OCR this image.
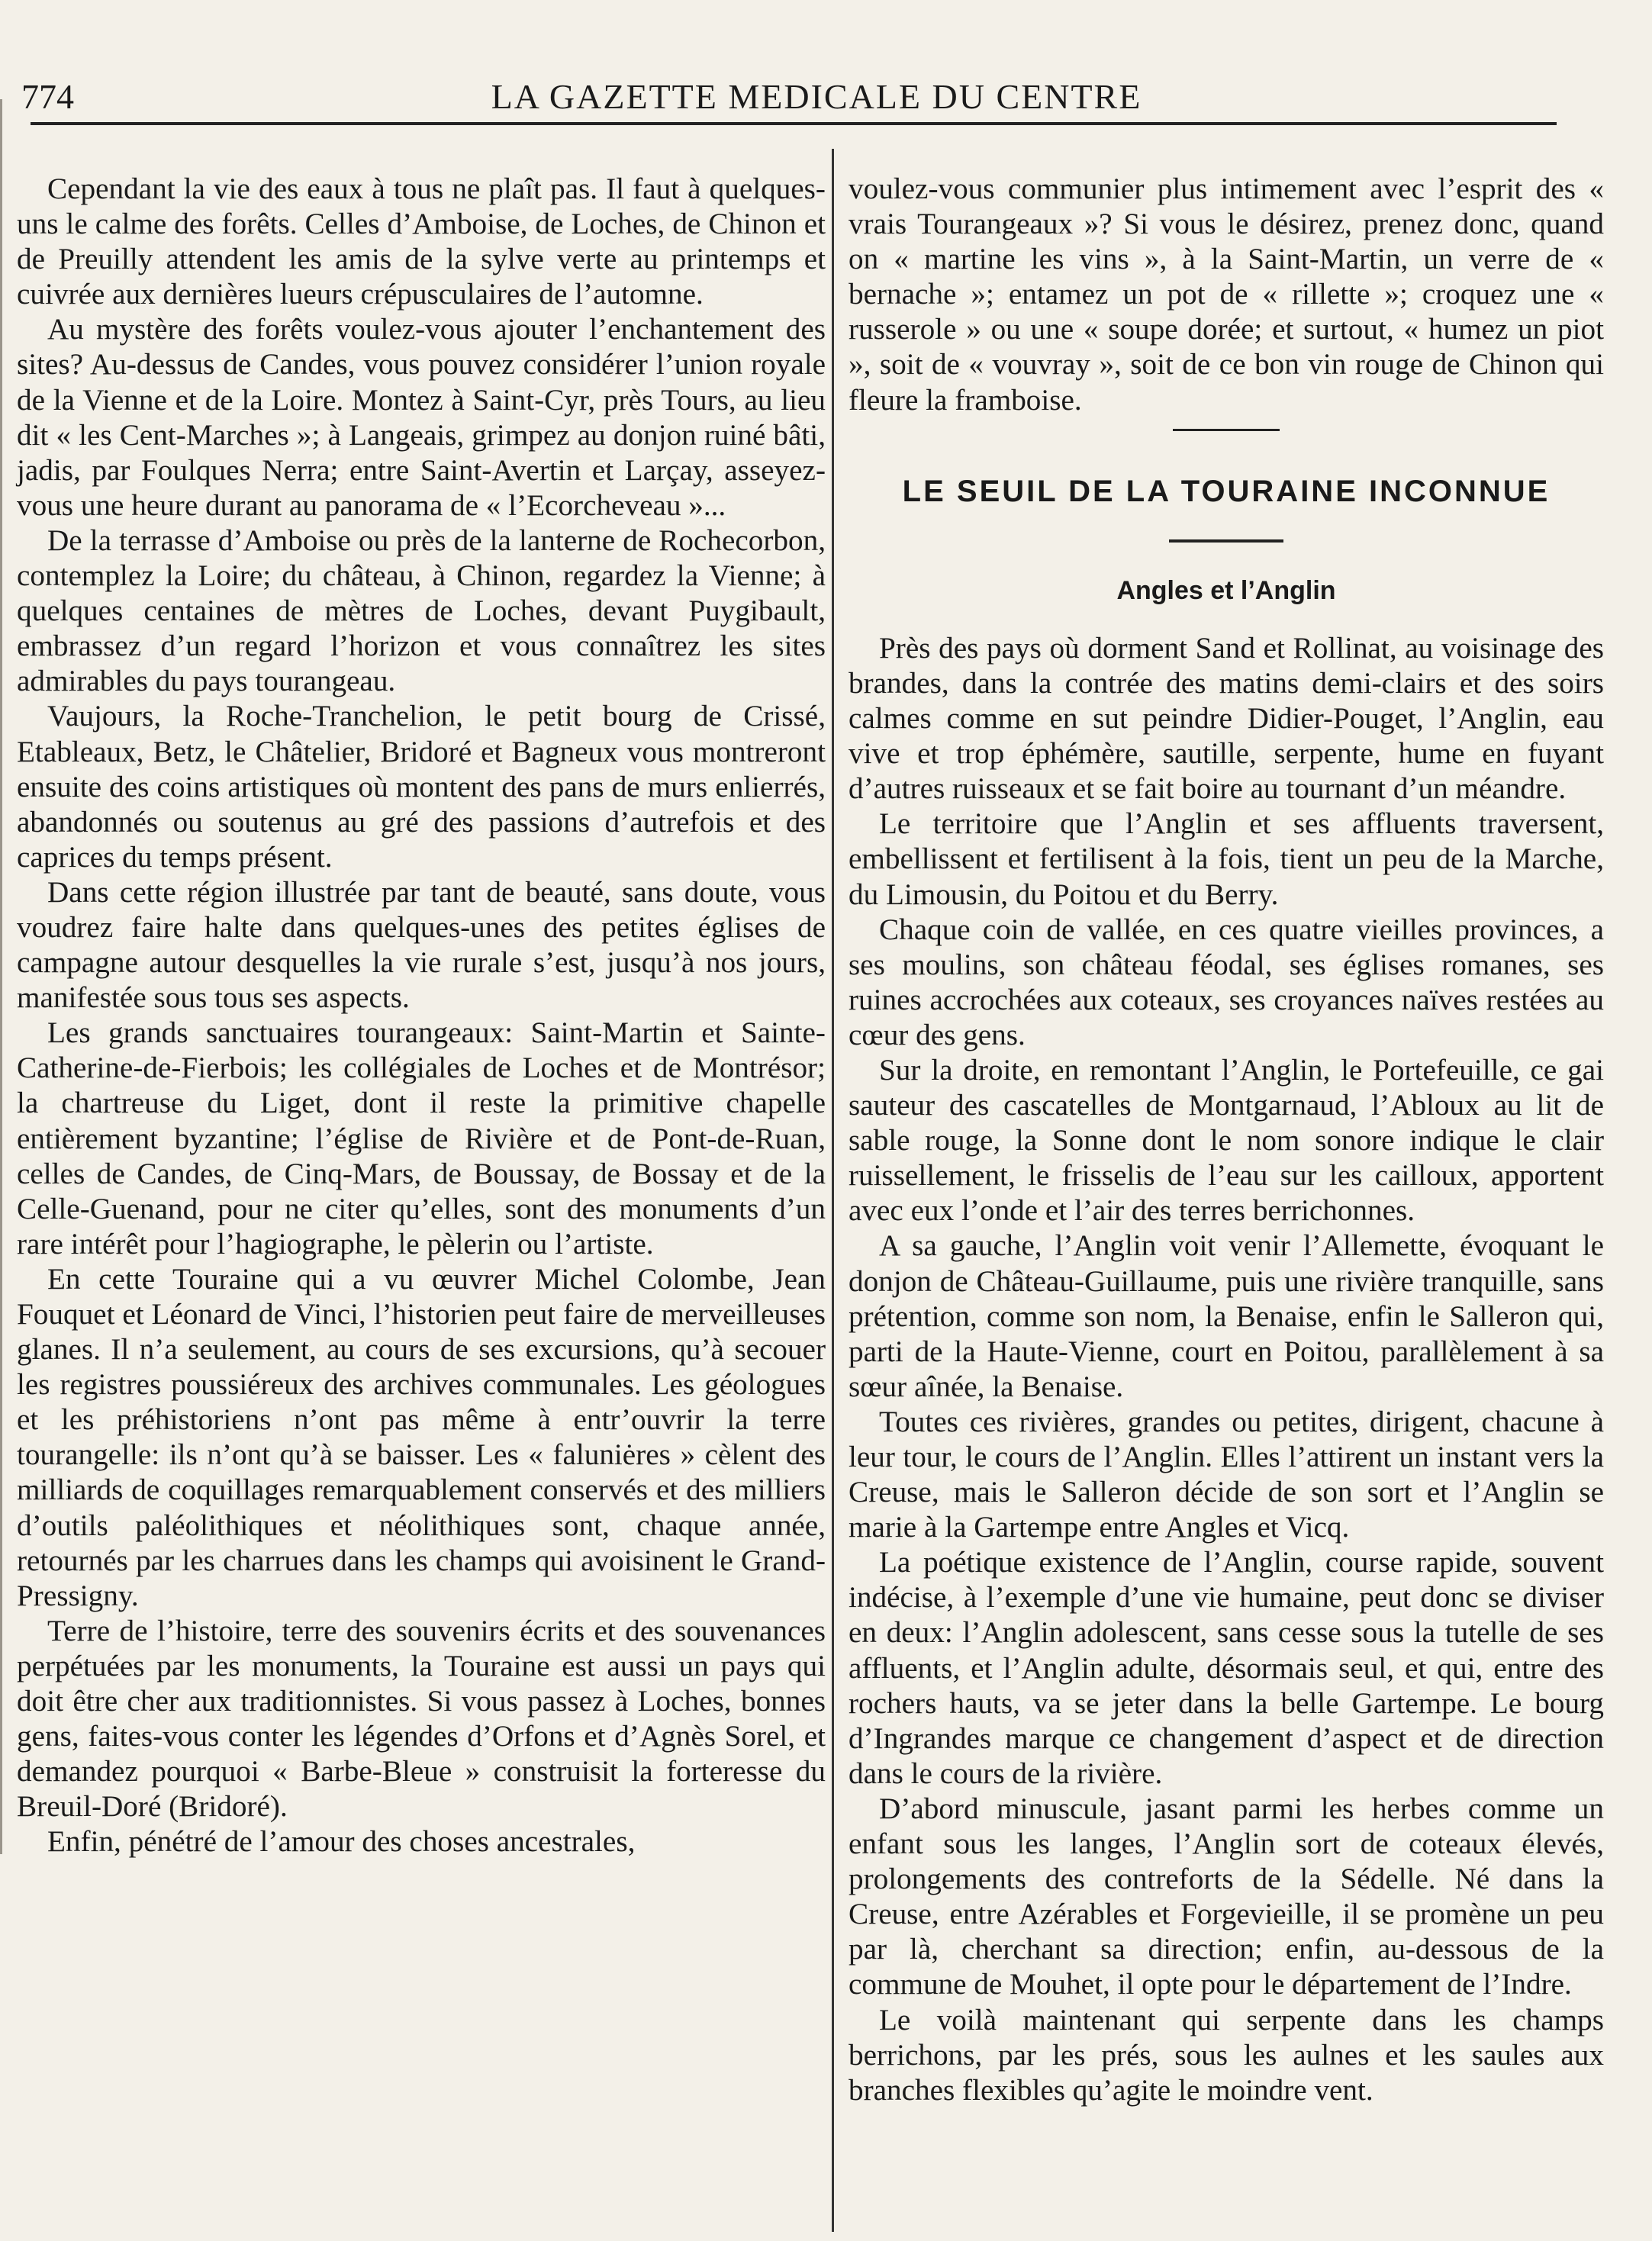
774	LA GAZETTE MEDICALE DU CENTRE

Cependant la vie des eaux à tous ne plaît pas. Il faut à quelques-uns le calme des forêts. Celles d’Amboise, de Loches, de Chinon et de Preuilly attendent les amis de la sylve verte au printemps et cuivrée aux dernières lueurs crépusculaires de l’automne.

Au mystère des forêts voulez-vous ajouter l’enchantement des sites? Au-dessus de Candes, vous pouvez considérer l’union royale de la Vienne et de la Loire. Montez à Saint-Cyr, près Tours, au lieu dit « les Cent-Marches »; à Langeais, grimpez au donjon ruiné bâti, jadis, par Foulques Nerra; entre Saint-Avertin et Larçay, asseyez-vous une heure durant au panorama de « l’Ecorcheveau »...

De la terrasse d’Amboise ou près de la lanterne de Rochecorbon, contemplez la Loire; du château, à Chinon, regardez la Vienne; à quelques centaines de mètres de Loches, devant Puygibault, embrassez d’un regard l’horizon et vous connaîtrez les sites admirables du pays tourangeau.

Vaujours, la Roche-Tranchelion, le petit bourg de Crissé, Etableaux, Betz, le Châtelier, Bridoré et Bagneux vous montreront ensuite des coins artistiques où montent des pans de murs enlierrés, abandonnés ou soutenus au gré des passions d’autrefois et des caprices du temps présent.

Dans cette région illustrée par tant de beauté, sans doute, vous voudrez faire halte dans quelques-unes des petites églises de campagne autour desquelles la vie rurale s’est, jusqu’à nos jours, manifestée sous tous ses aspects.

Les grands sanctuaires tourangeaux: Saint-Martin et Sainte-Catherine-de-Fierbois; les collégiales de Loches et de Montrésor; la chartreuse du Liget, dont il reste la primitive chapelle entièrement byzantine; l’église de Rivière et de Pont-de-Ruan, celles de Candes, de Cinq-Mars, de Boussay, de Bossay et de la Celle-Guenand, pour ne citer qu’elles, sont des monuments d’un rare intérêt pour l’hagiographe, le pèlerin ou l’artiste.

En cette Touraine qui a vu œuvrer Michel Colombe, Jean Fouquet et Léonard de Vinci, l’historien peut faire de merveilleuses glanes. Il n’a seulement, au cours de ses excursions, qu’à secouer les registres poussiéreux des archives communales. Les géologues et les préhistoriens n’ont pas même à entr’ouvrir la terre tourangelle: ils n’ont qu’à se baisser. Les « faluniėres » cèlent des milliards de coquillages remarquablement conservés et des milliers d’outils paléolithiques et néolithiques sont, chaque année, retournés par les charrues dans les champs qui avoisinent le Grand-Pressigny.

Terre de l’histoire, terre des souvenirs écrits et des souvenances perpétuées par les monuments, la Touraine est aussi un pays qui doit être cher aux traditionnistes. Si vous passez à Loches, bonnes gens, faites-vous conter les légendes d’Orfons et d’Agnès Sorel, et demandez pourquoi « Barbe-Bleue » construisit la forteresse du Breuil-Doré (Bridoré).

Enfin, pénétré de l’amour des choses ancestrales,

voulez-vous communier plus intimement avec l’esprit des « vrais Tourangeaux »? Si vous le désirez, prenez donc, quand on « martine les vins », à la Saint-Martin, un verre de « bernache »; entamez un pot de « rillette »; croquez une « russerole » ou une « soupe dorée; et surtout, « humez un piot », soit de « vouvray », soit de ce bon vin rouge de Chinon qui fleure la framboise.

LE SEUIL DE LA TOURAINE INCONNUE
Angles et l’Anglin

Près des pays où dorment Sand et Rollinat, au voisinage des brandes, dans la contrée des matins demi-clairs et des soirs calmes comme en sut peindre Didier-Pouget, l’Anglin, eau vive et trop éphémère, sautille, serpente, hume en fuyant d’autres ruisseaux et se fait boire au tournant d’un méandre.

Le territoire que l’Anglin et ses affluents traversent, embellissent et fertilisent à la fois, tient un peu de la Marche, du Limousin, du Poitou et du Berry.

Chaque coin de vallée, en ces quatre vieilles provinces, a ses moulins, son château féodal, ses églises romanes, ses ruines accrochées aux coteaux, ses croyances naïves restées au cœur des gens.

Sur la droite, en remontant l’Anglin, le Portefeuille, ce gai sauteur des cascatelles de Montgarnaud, l’Abloux au lit de sable rouge, la Sonne dont le nom sonore indique le clair ruissellement, le frisselis de l’eau sur les cailloux, apportent avec eux l’onde et l’air des terres berrichonnes.

A sa gauche, l’Anglin voit venir l’Allemette, évoquant le donjon de Château-Guillaume, puis une rivière tranquille, sans prétention, comme son nom, la Benaise, enfin le Salleron qui, parti de la Haute-Vienne, court en Poitou, parallèlement à sa sœur aînée, la Benaise.

Toutes ces rivières, grandes ou petites, dirigent, chacune à leur tour, le cours de l’Anglin. Elles l’attirent un instant vers la Creuse, mais le Salleron décide de son sort et l’Anglin se marie à la Gartempe entre Angles et Vicq.

La poétique existence de l’Anglin, course rapide, souvent indécise, à l’exemple d’une vie humaine, peut donc se diviser en deux: l’Anglin adolescent, sans cesse sous la tutelle de ses affluents, et l’Anglin adulte, désormais seul, et qui, entre des rochers hauts, va se jeter dans la belle Gartempe. Le bourg d’Ingrandes marque ce changement d’aspect et de direction dans le cours de la rivière.

D’abord minuscule, jasant parmi les herbes comme un enfant sous les langes, l’Anglin sort de coteaux élevés, prolongements des contreforts de la Sédelle. Né dans la Creuse, entre Azérables et Forgevieille, il se promène un peu par là, cherchant sa direction; enfin, au-dessous de la commune de Mouhet, il opte pour le département de l’Indre.

Le voilà maintenant qui serpente dans les champs berrichons, par les prés, sous les aulnes et les saules aux branches flexibles qu’agite le moindre vent.
